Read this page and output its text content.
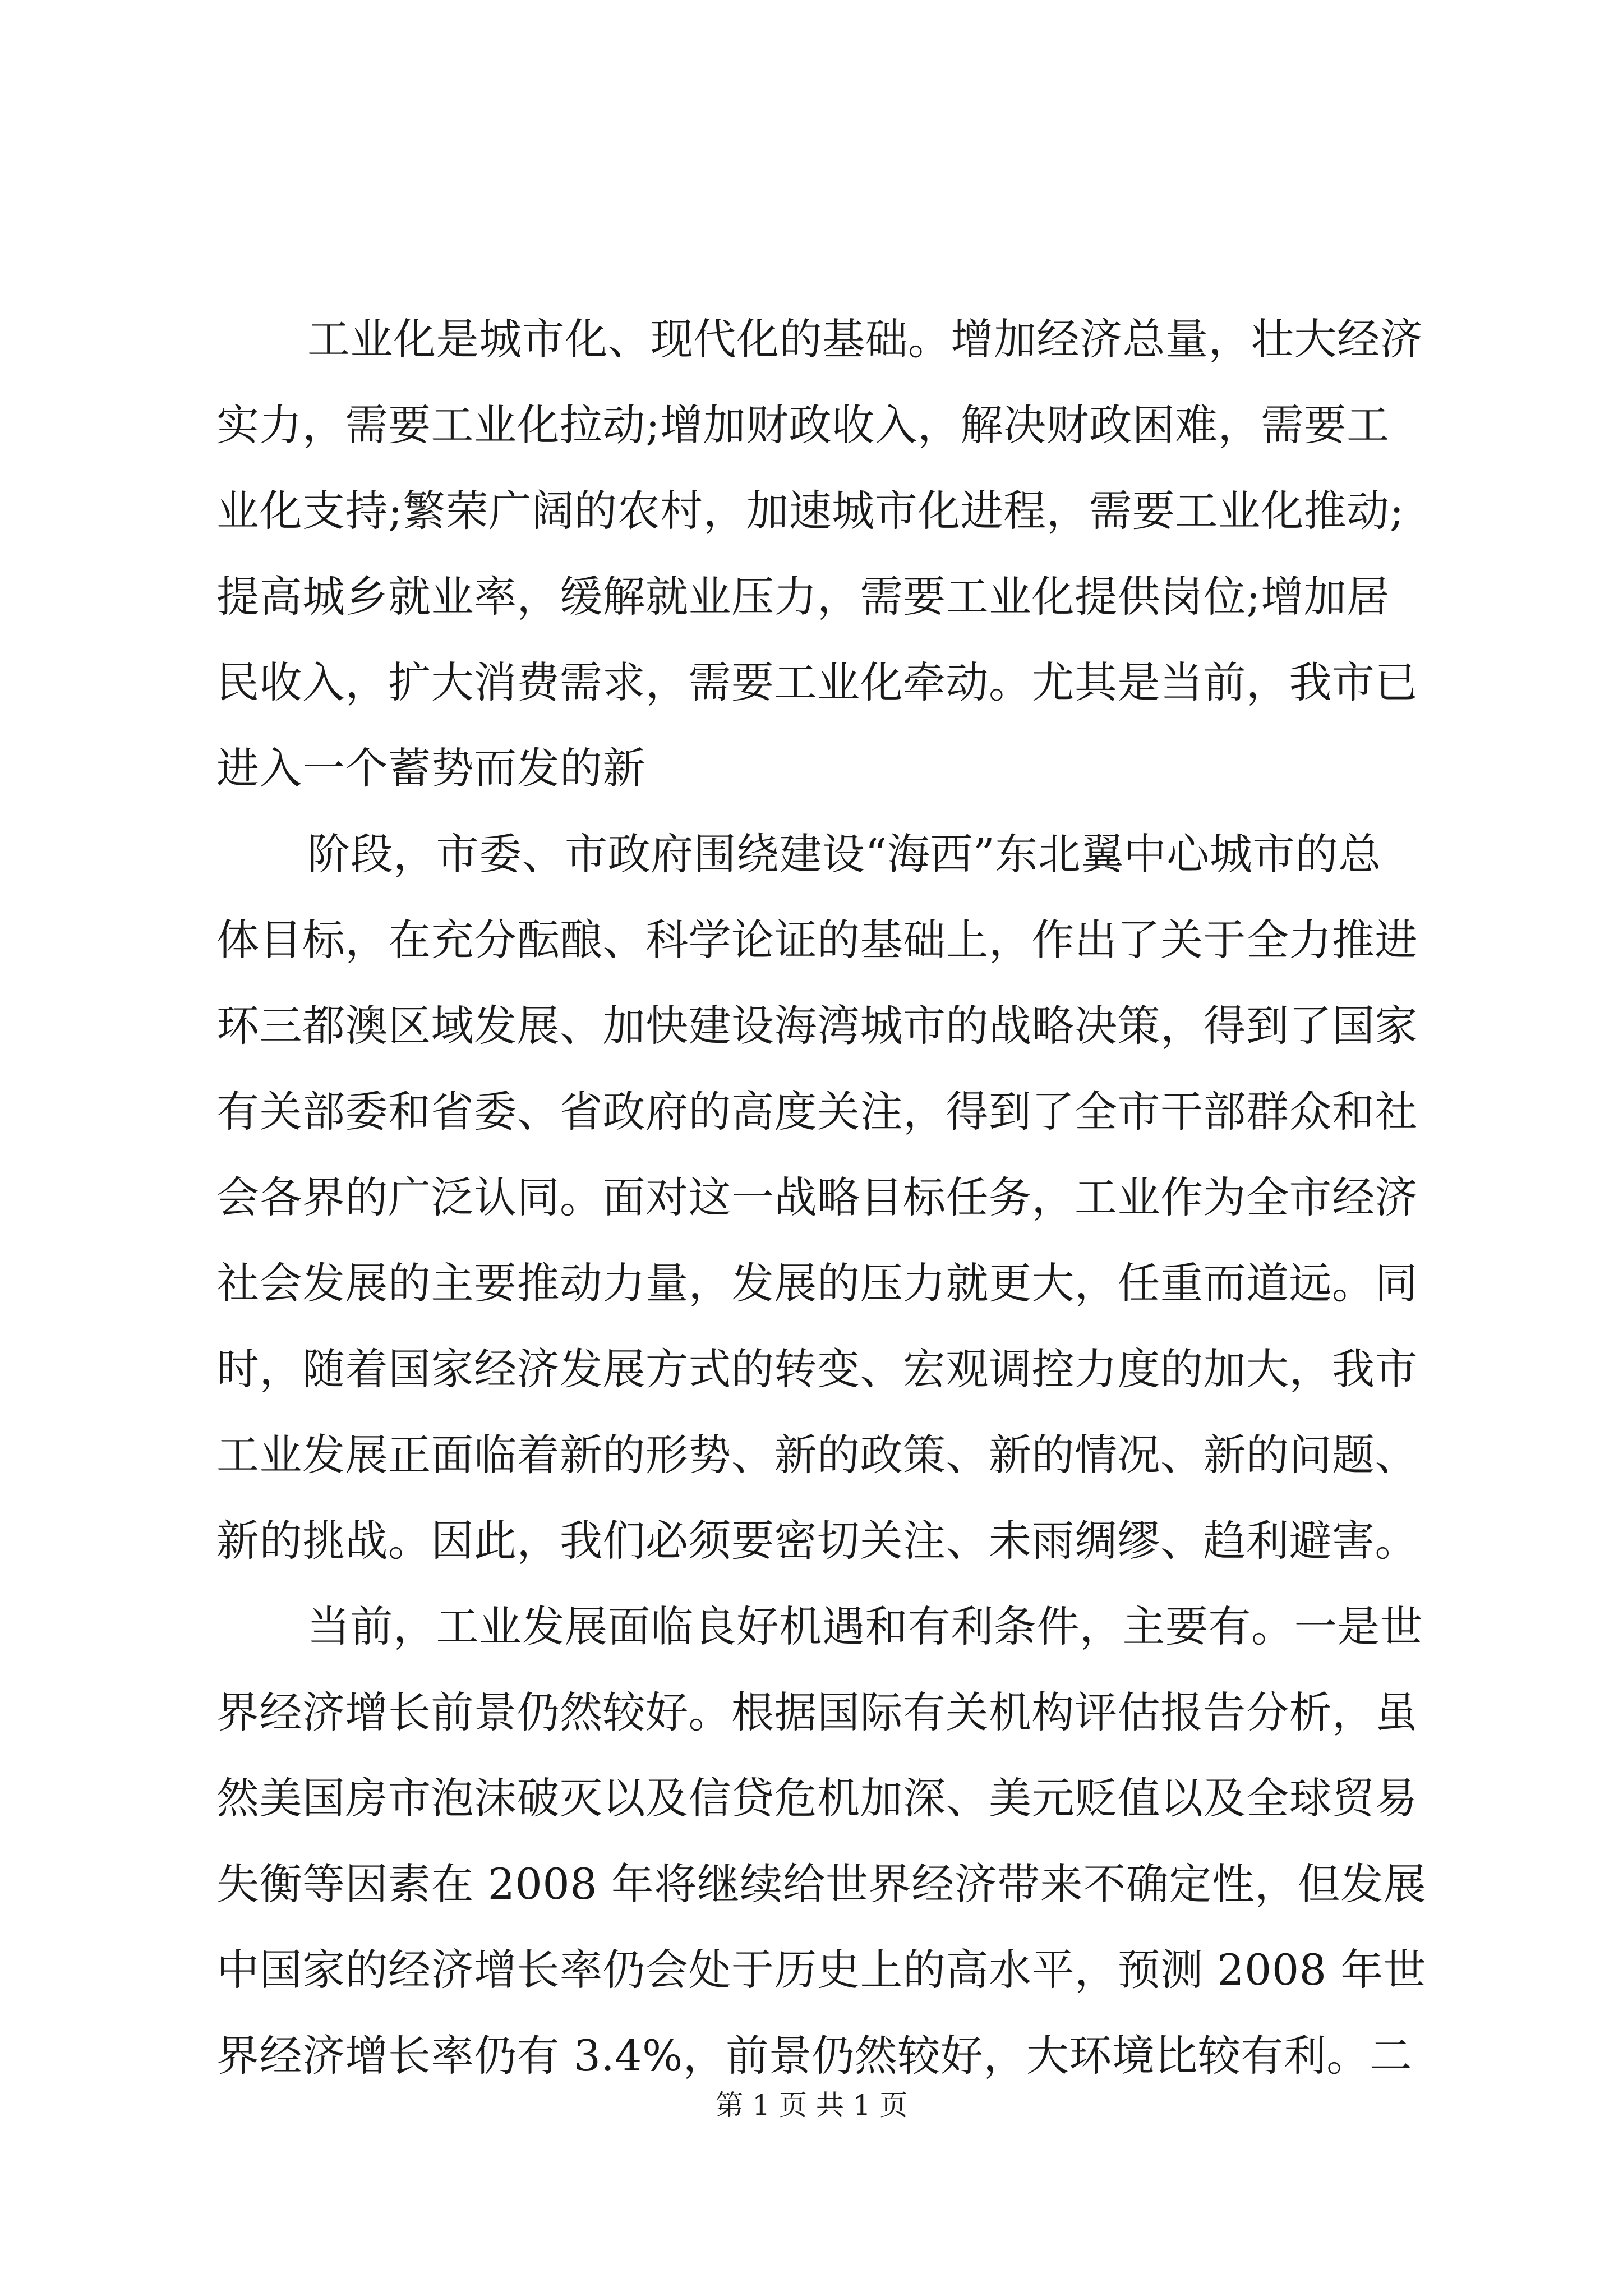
工业化是城市化、现代化的基础。增加经济总量，壮大经济
实力，需要工业化拉动;增加财政收入，解决财政困难，需要工
业化支持;繁荣广阔的农村，加速城市化进程，需要工业化推动;
提高城乡就业率，缓解就业压力，需要工业化提供岗位;增加居
民收入，扩大消费需求，需要工业化牵动。尤其是当前，我市已
进入一个蓄势而发的新
阶段，市委、市政府围绕建设“海西”东北翼中心城市的总
体目标，在充分酝酿、科学论证的基础上，作出了关于全力推进
环三都澳区域发展、加快建设海湾城市的战略决策，得到了国家
有关部委和省委、省政府的高度关注，得到了全市干部群众和社
会各界的广泛认同。面对这一战略目标任务，工业作为全市经济
社会发展的主要推动力量，发展的压力就更大，任重而道远。同
时，随着国家经济发展方式的转变、宏观调控力度的加大，我市
工业发展正面临着新的形势、新的政策、新的情况、新的问题、
新的挑战。因此，我们必须要密切关注、未雨绸缪、趋利避害。
当前，工业发展面临良好机遇和有利条件，主要有。一是世
界经济增长前景仍然较好。根据国际有关机构评估报告分析，虽
然美国房市泡沫破灭以及信贷危机加深、美元贬值以及全球贸易
失衡等因素在 2008 年将继续给世界经济带来不确定性，但发展
中国家的经济增长率仍会处于历史上的高水平，预测 2008 年世
界经济增长率仍有 3.4%，前景仍然较好，大环境比较有利。二
第 1 页 共 1 页
